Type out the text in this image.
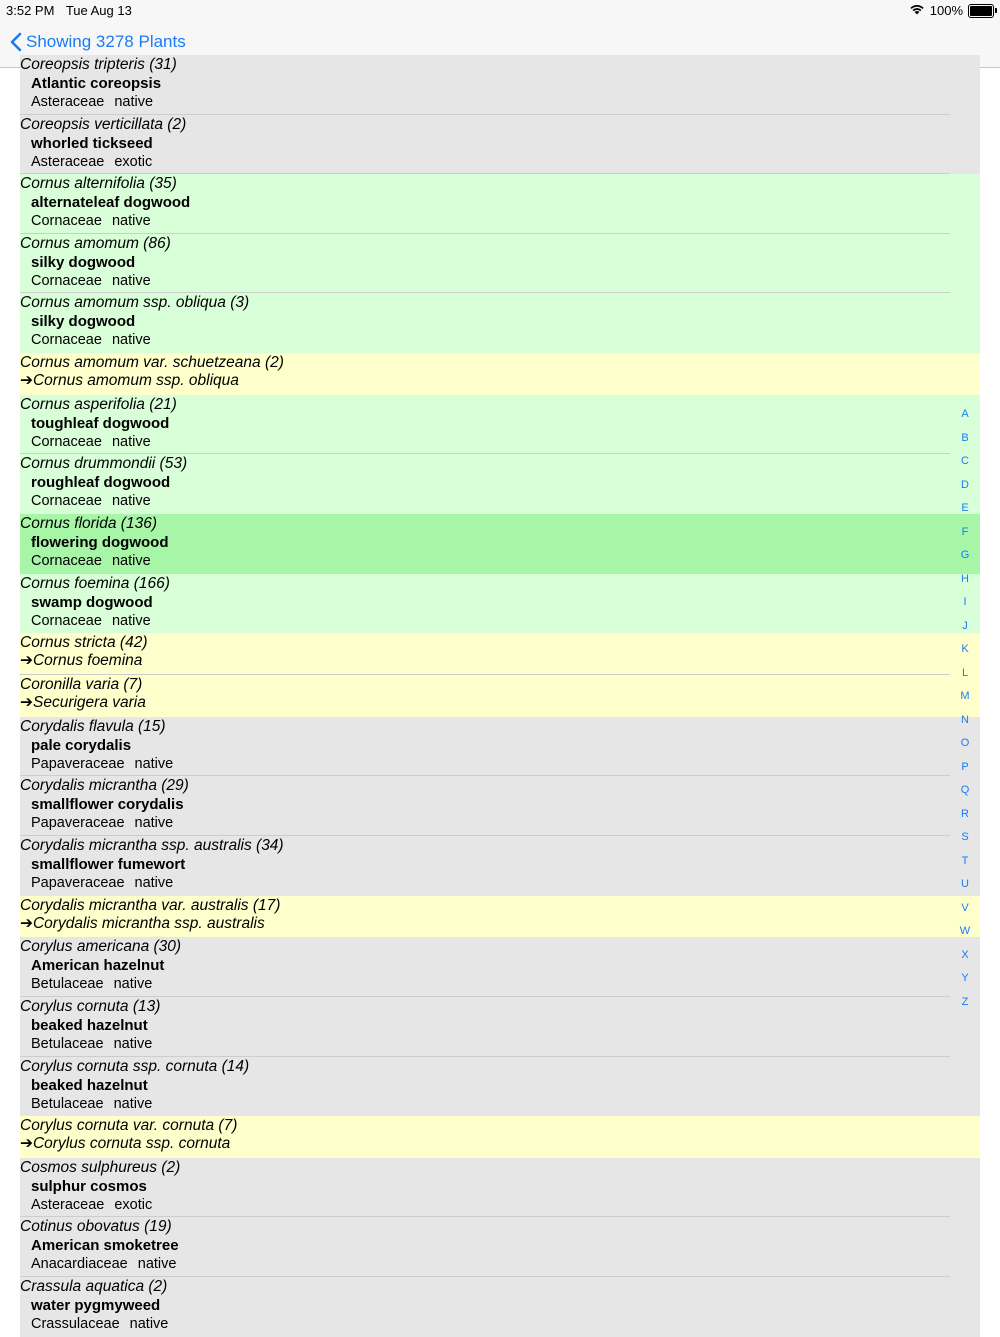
3:52 PM Tue Aug 13	100%
Showing 3278 Plants
Coreopsis tripteris (31)
Atlantic coreopsis
Asteraceae native
Coreopsis verticillata (2)
whorled tickseed
Asteraceae exotic
Cornus alternifolia (35)
alternateleaf dogwood
Cornaceae native
Cornus amomum (86)
silky dogwood
Cornaceae native
Cornus amomum ssp. obliqua (3)
silky dogwood
Cornaceae native
Cornus amomum var. schuetzeana (2)
➔Cornus amomum ssp. obliqua
Cornus asperifolia (21)
toughleaf dogwood
Cornaceae native
Cornus drummondii (53)
roughleaf dogwood
Cornaceae native
Cornus florida (136)
flowering dogwood
Cornaceae native
Cornus foemina (166)
swamp dogwood
Cornaceae native
Cornus stricta (42)
➔Cornus foemina
Coronilla varia (7)
➔Securigera varia
Corydalis flavula (15)
pale corydalis
Papaveraceae native
Corydalis micrantha (29)
smallflower corydalis
Papaveraceae native
Corydalis micrantha ssp. australis (34)
smallflower fumewort
Papaveraceae native
Corydalis micrantha var. australis (17)
➔Corydalis micrantha ssp. australis
Corylus americana (30)
American hazelnut
Betulaceae native
Corylus cornuta (13)
beaked hazelnut
Betulaceae native
Corylus cornuta ssp. cornuta (14)
beaked hazelnut
Betulaceae native
Corylus cornuta var. cornuta (7)
➔Corylus cornuta ssp. cornuta
Cosmos sulphureus (2)
sulphur cosmos
Asteraceae exotic
Cotinus obovatus (19)
American smoketree
Anacardiaceae native
Crassula aquatica (2)
water pygmyweed
Crassulaceae native
A
B
C
D
E
F
G
H
I
J
K
L
M
N
O
P
Q
R
S
T
U
V
W
X
Y
Z
